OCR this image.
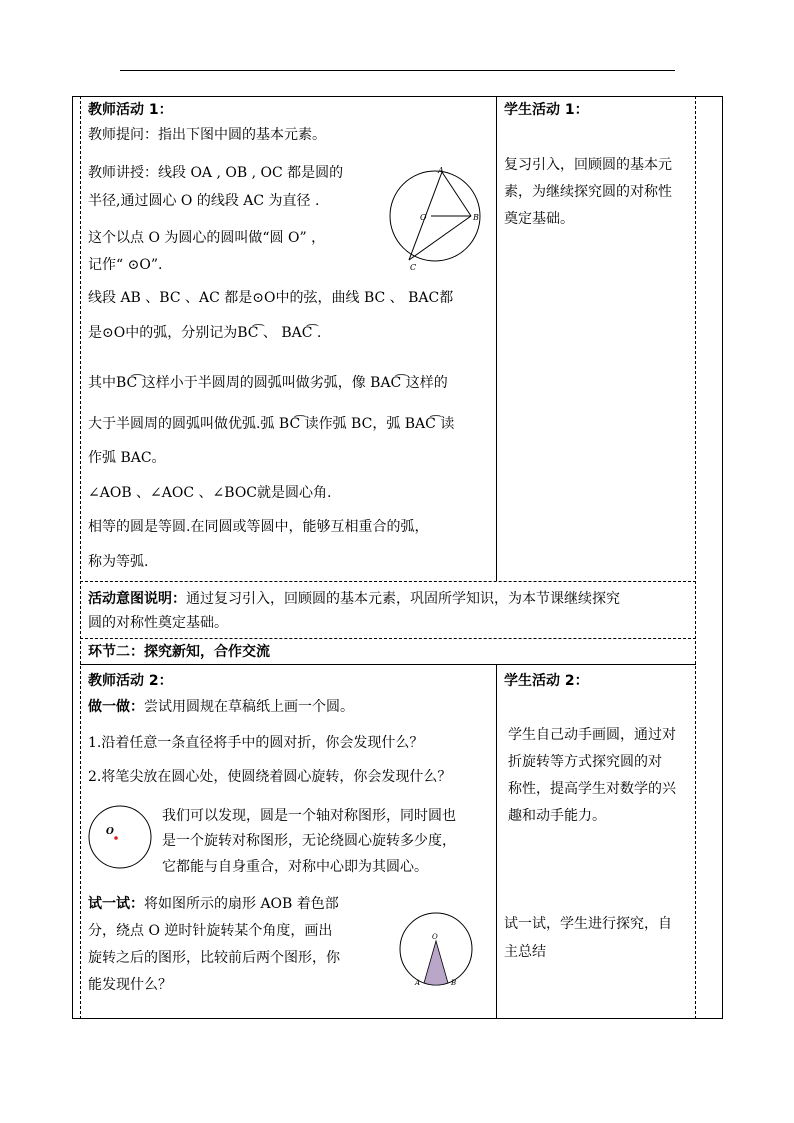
教师活动 1：
教师提问：指出下图中圆的基本元素。
教师讲授：线段 OA , OB , OC 都是圆的
半径,通过圆心 O 的线段 AC 为直径 .
这个以点 O 为圆心的圆叫做“圆 O” ，
记作“ ⊙O”.
线段 AB 、BC 、AC 都是⊙O中的弦，曲线 BC 、 BAC都
是⊙O中的弧，分别记为BC͡ 、 BAC͡ .
其中BC͡ 这样小于半圆周的圆弧叫做劣弧，像 BAC͡ 这样的
大于半圆周的圆弧叫做优弧.弧 BC͡ 读作弧 BC，弧 BAC͡ 读
作弧 BAC。
∠AOB 、∠AOC 、∠BOC就是圆心角.
相等的圆是等圆.在同圆或等圆中，能够互相重合的弧，
称为等弧.
A
O	B
C
学生活动 1：
复习引入，回顾圆的基本元
素，为继续探究圆的对称性
奠定基础。
活动意图说明：通过复习引入，回顾圆的基本元素，巩固所学知识，为本节课继续探究
圆的对称性奠定基础。
环节二：探究新知，合作交流
教师活动 2：
做一做：尝试用圆规在草稿纸上画一个圆。
1.沿着任意一条直径将手中的圆对折，你会发现什么？
2.将笔尖放在圆心处，使圆绕着圆心旋转，你会发现什么？
O
我们可以发现，圆是一个轴对称图形，同时圆也
是一个旋转对称图形，无论绕圆心旋转多少度，
它都能与自身重合，对称中心即为其圆心。
试一试：将如图所示的扇形 AOB 着色部
分，绕点 O 逆时针旋转某个角度，画出
旋转之后的图形，比较前后两个图形，你
能发现什么？
O
A	B
学生活动 2：
学生自己动手画圆，通过对
折旋转等方式探究圆的对
称性，提高学生对数学的兴
趣和动手能力。
试一试，学生进行探究，自
主总结
